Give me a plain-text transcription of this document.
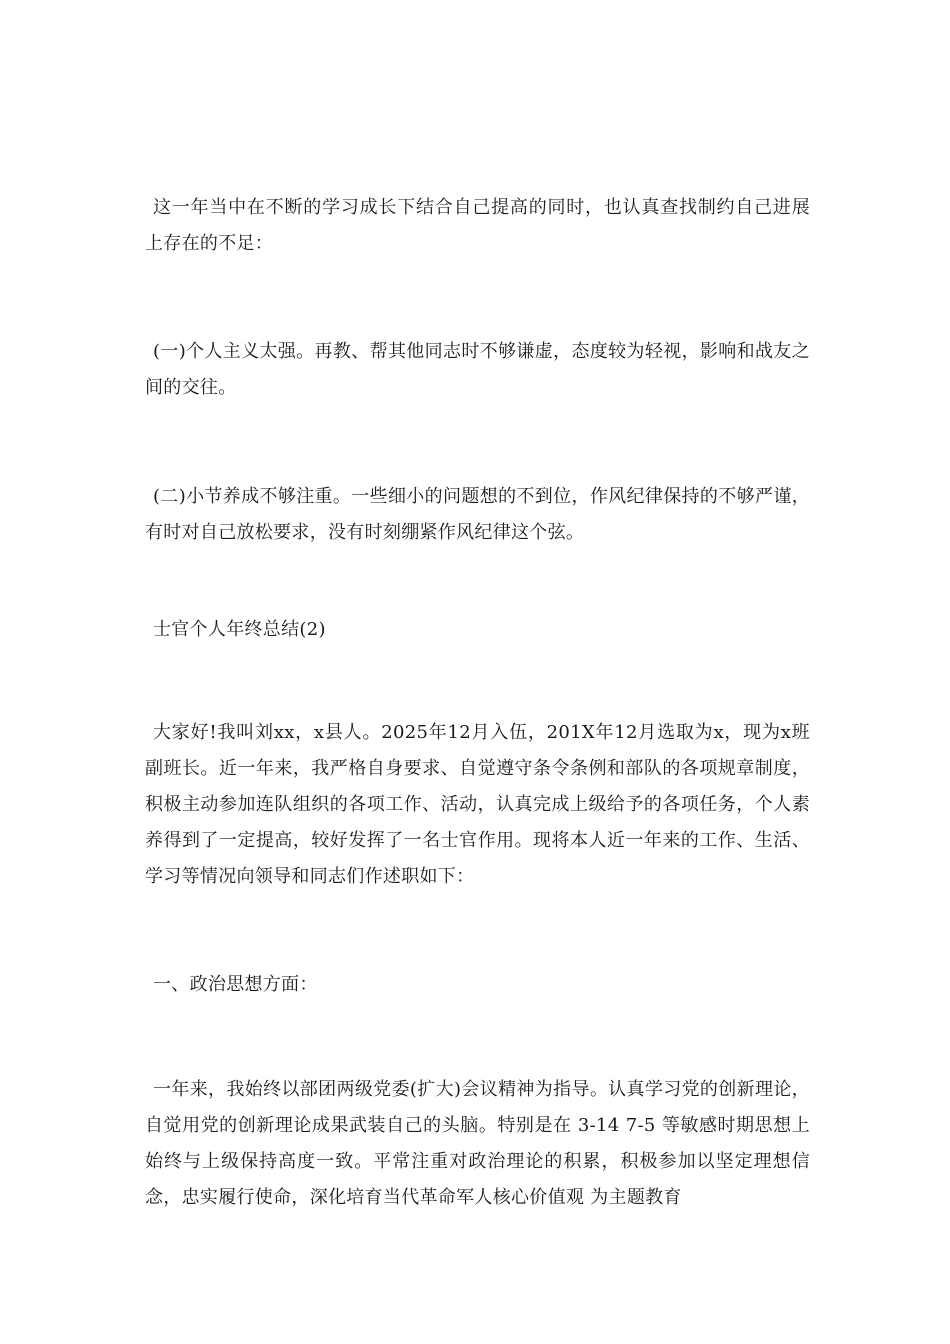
这一年当中在不断的学习成长下结合自己提高的同时，也认真查找制约自己进展上存在的不足：

(一)个人主义太强。再教、帮其他同志时不够谦虚，态度较为轻视，影响和战友之间的交往。

(二)小节养成不够注重。一些细小的问题想的不到位，作风纪律保持的不够严谨，有时对自己放松要求，没有时刻绷紧作风纪律这个弦。

士官个人年终总结(2)

大家好!我叫刘xx，x县人。2025年12月入伍，201X年12月选取为x，现为x班副班长。近一年来，我严格自身要求、自觉遵守条令条例和部队的各项规章制度，积极主动参加连队组织的各项工作、活动，认真完成上级给予的各项任务，个人素养得到了一定提高，较好发挥了一名士官作用。现将本人近一年来的工作、生活、学习等情况向领导和同志们作述职如下：

一、政治思想方面：

一年来，我始终以部团两级党委(扩大)会议精神为指导。认真学习党的创新理论，自觉用党的创新理论成果武装自己的头脑。特别是在 3-14 7-5 等敏感时期思想上始终与上级保持高度一致。平常注重对政治理论的积累，积极参加以坚定理想信念，忠实履行使命，深化培育当代革命军人核心价值观 为主题教育
